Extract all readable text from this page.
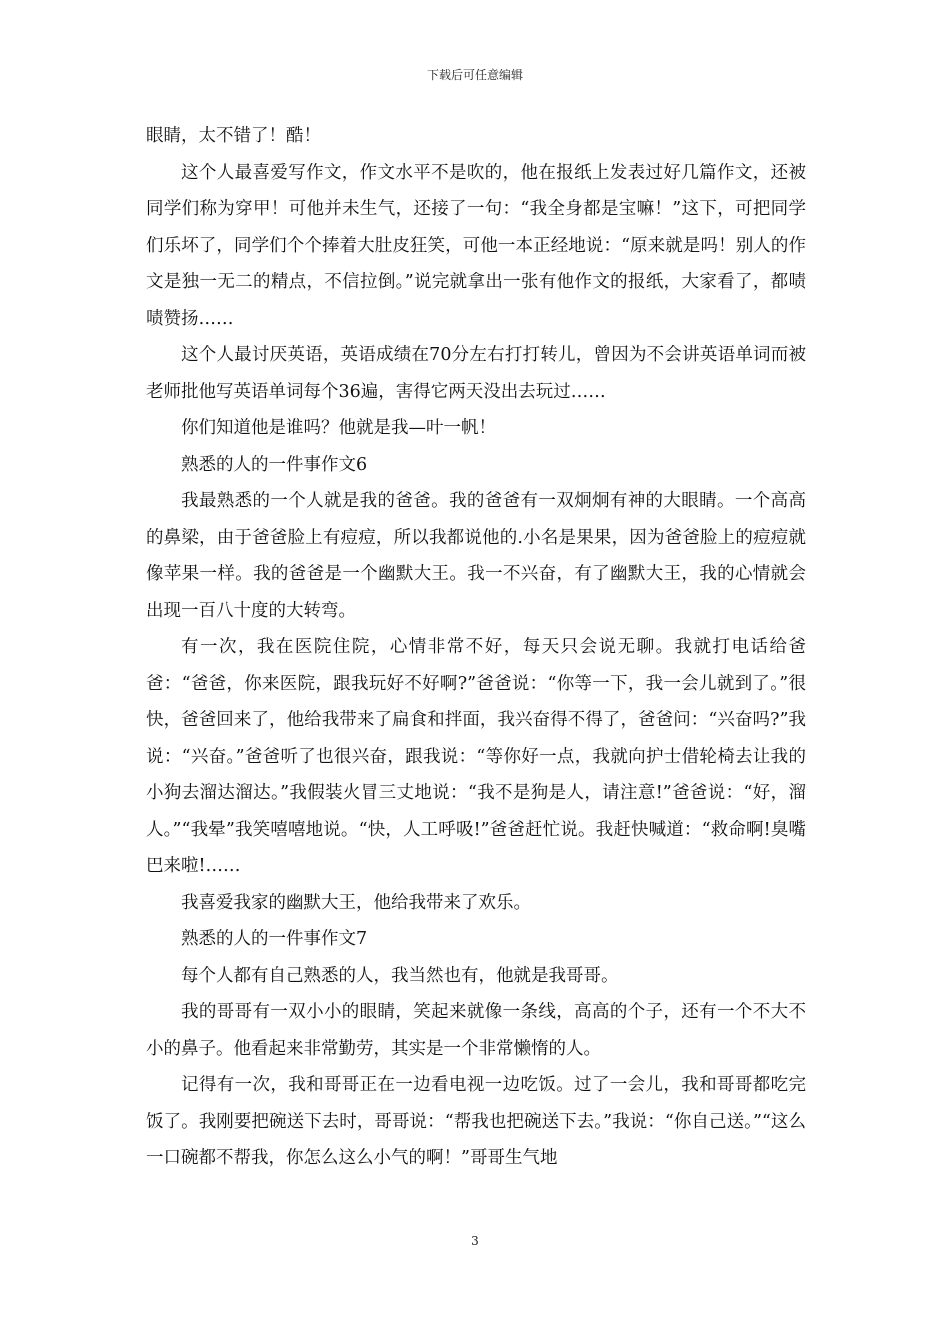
下载后可任意编辑

眼睛，太不错了！酷！

这个人最喜爱写作文，作文水平不是吹的，他在报纸上发表过好几篇作文，还被同学们称为穿甲！可他并未生气，还接了一句：“我全身都是宝嘛！”这下，可把同学们乐坏了，同学们个个捧着大肚皮狂笑，可他一本正经地说：“原来就是吗！别人的作文是独一无二的精点，不信拉倒。”说完就拿出一张有他作文的报纸，大家看了，都啧啧赞扬……

这个人最讨厌英语，英语成绩在70分左右打打转儿，曾因为不会讲英语单词而被老师批他写英语单词每个36遍，害得它两天没出去玩过……

你们知道他是谁吗？他就是我—叶一帆！

熟悉的人的一件事作文6

我最熟悉的一个人就是我的爸爸。我的爸爸有一双炯炯有神的大眼睛。一个高高的鼻梁，由于爸爸脸上有痘痘，所以我都说他的.小名是果果，因为爸爸脸上的痘痘就像苹果一样。我的爸爸是一个幽默大王。我一不兴奋，有了幽默大王，我的心情就会出现一百八十度的大转弯。

有一次，我在医院住院，心情非常不好，每天只会说无聊。我就打电话给爸爸：“爸爸，你来医院，跟我玩好不好啊?”爸爸说：“你等一下，我一会儿就到了。”很快，爸爸回来了，他给我带来了扁食和拌面，我兴奋得不得了，爸爸问：“兴奋吗?”我说：“兴奋。”爸爸听了也很兴奋，跟我说：“等你好一点，我就向护士借轮椅去让我的小狗去溜达溜达。”我假装火冒三丈地说：“我不是狗是人，请注意!”爸爸说：“好，溜人。”“我晕”我笑嘻嘻地说。“快，人工呼吸!”爸爸赶忙说。我赶快喊道：“救命啊!臭嘴巴来啦!……

我喜爱我家的幽默大王，他给我带来了欢乐。

熟悉的人的一件事作文7

每个人都有自己熟悉的人，我当然也有，他就是我哥哥。

我的哥哥有一双小小的眼睛，笑起来就像一条线，高高的个子，还有一个不大不小的鼻子。他看起来非常勤劳，其实是一个非常懒惰的人。

记得有一次，我和哥哥正在一边看电视一边吃饭。过了一会儿，我和哥哥都吃完饭了。我刚要把碗送下去时，哥哥说：“帮我也把碗送下去。”我说：“你自己送。”“这么一口碗都不帮我，你怎么这么小气的啊！”哥哥生气地

3
